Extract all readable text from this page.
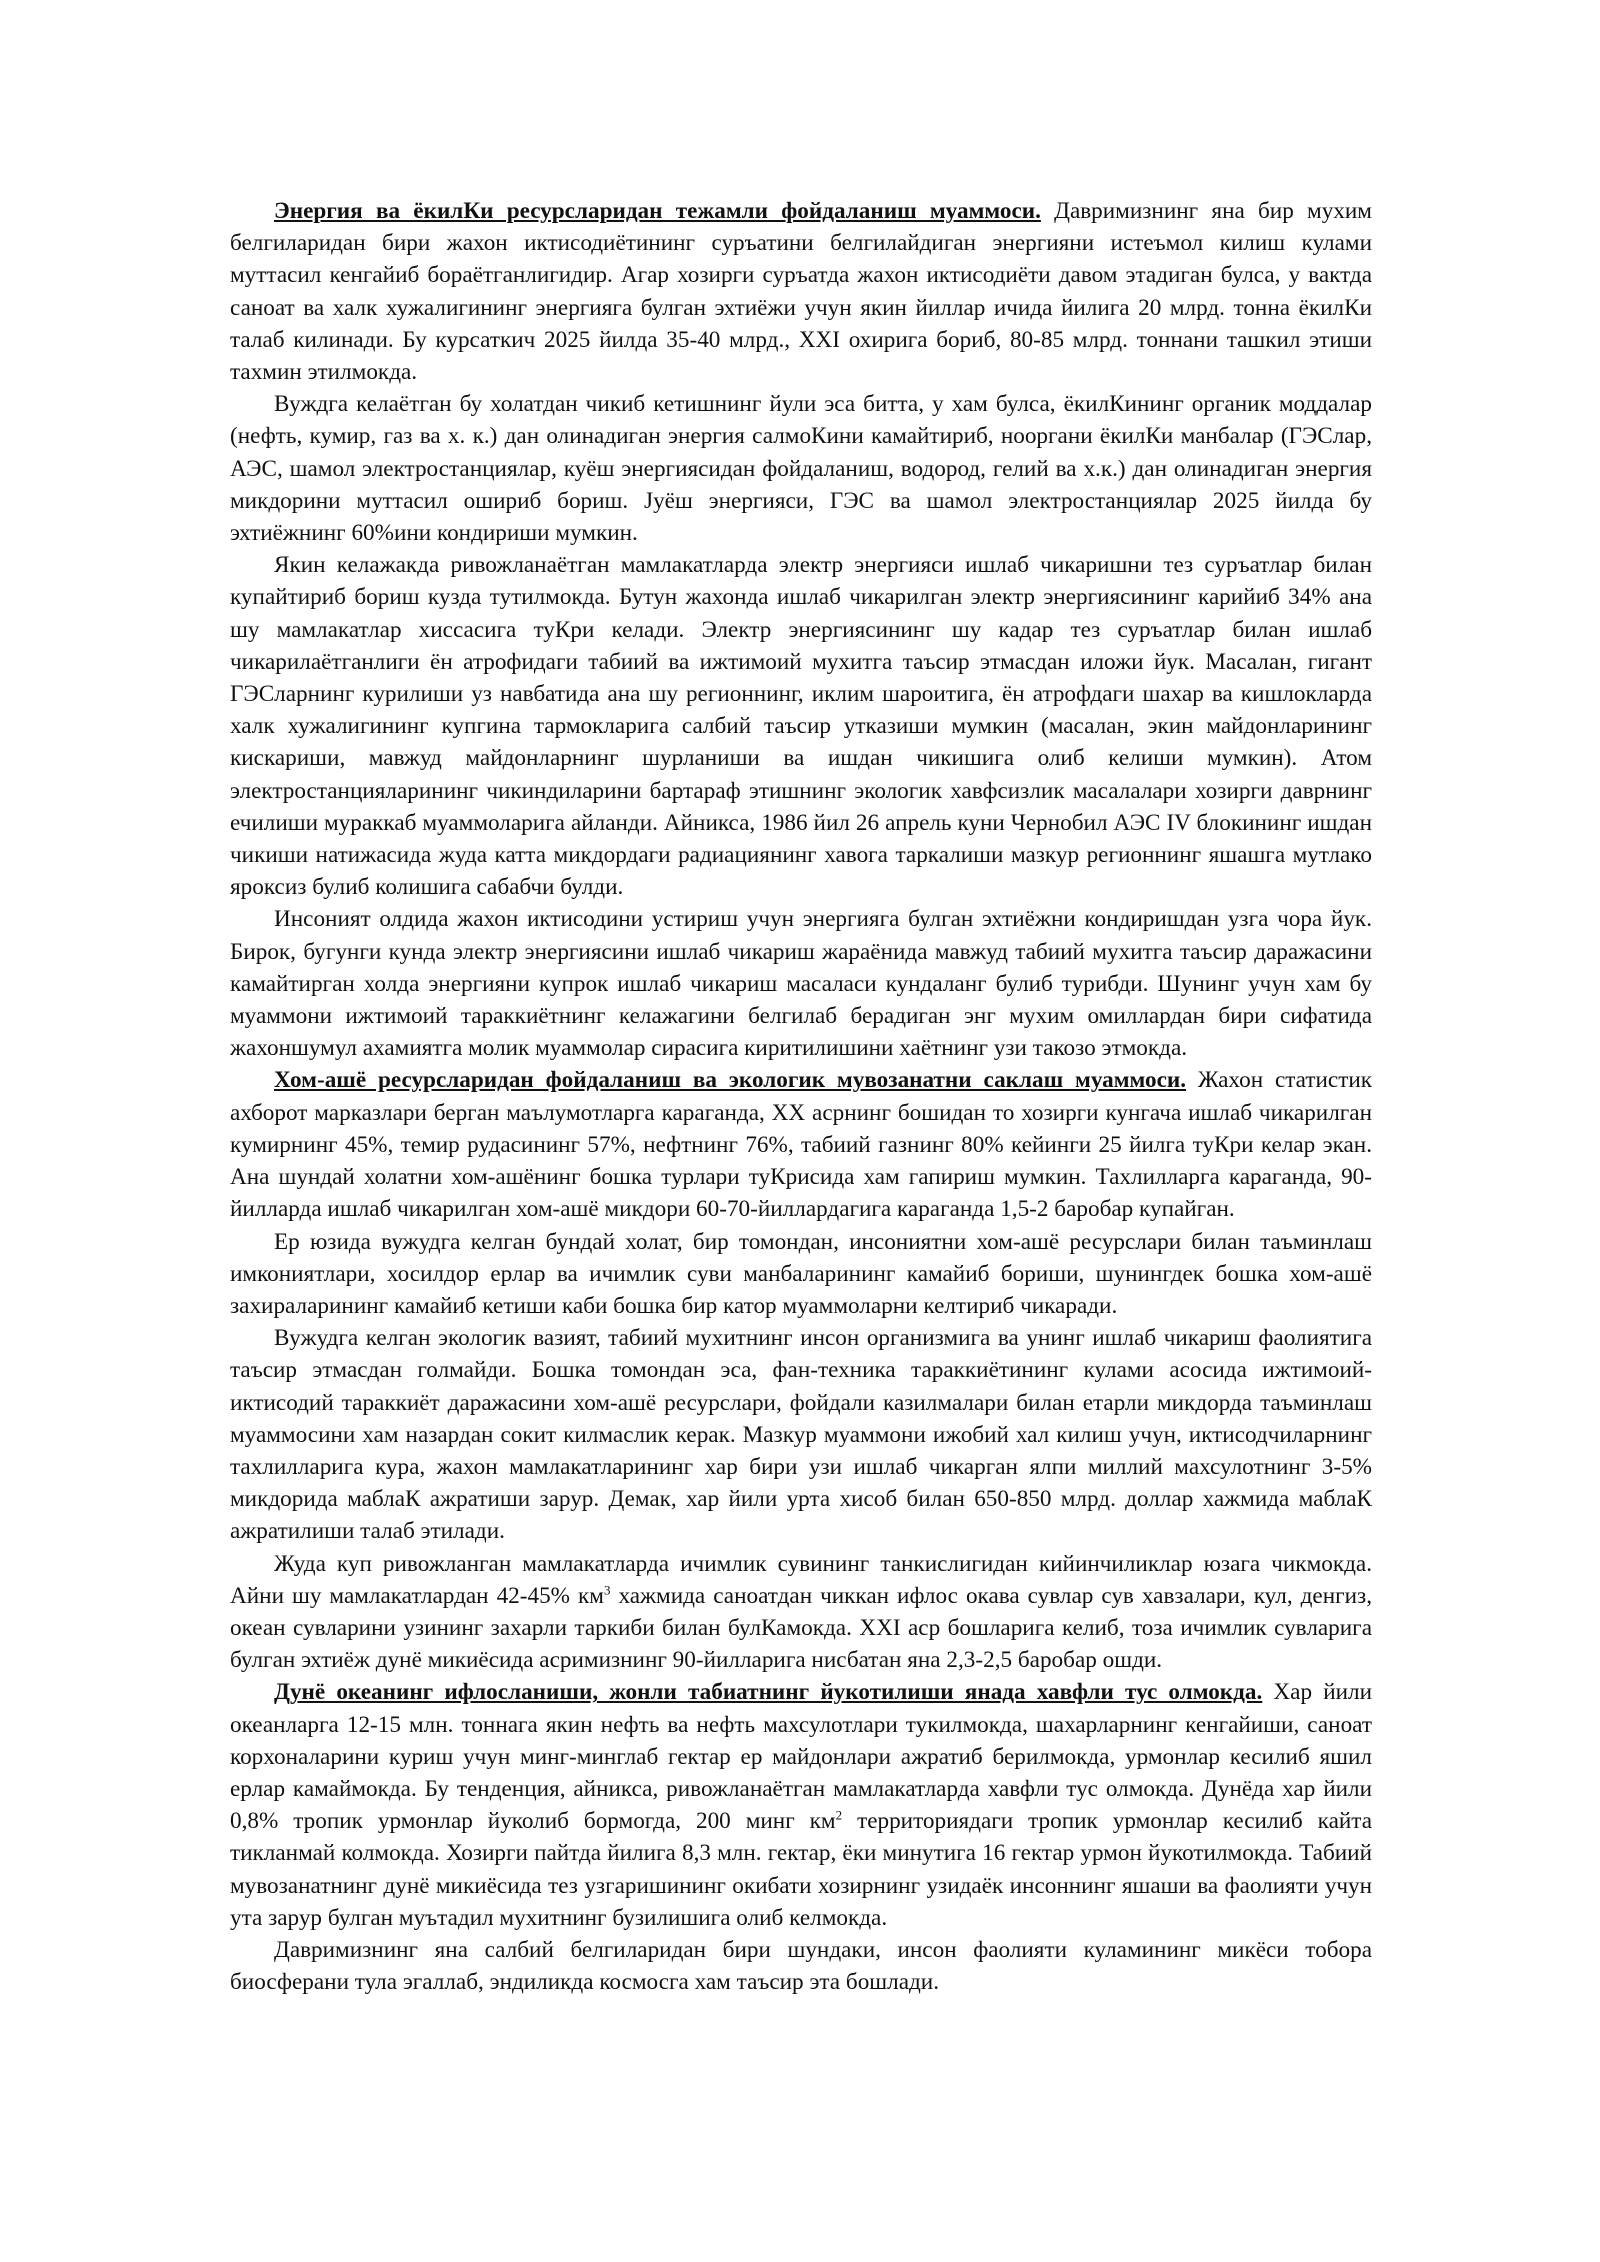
Энергия ва ёкилКи ресурсларидан тежамли фойдаланиш муаммоси. Давримизнинг яна бир мухим белгиларидан бири жахон иктисодиётининг суръатини белгилайдиган энергияни истеъмол килиш кулами муттасил кенгайиб бораётганлигидир. Агар хозирги суръатда жахон иктисодиёти давом этадиган булса, у вактда саноат ва халк хужалигининг энергияга булган эхтиёжи учун якин йиллар ичида йилига 20 млрд. тонна ёкилКи талаб килинади. Бу курсаткич 2025 йилда 35-40 млрд., XXI охирига бориб, 80-85 млрд. тоннани ташкил этиши тахмин этилмокда.

Вуждга келаётган бу холатдан чикиб кетишнинг йули эса битта, у хам булса, ёкилКининг органик моддалар (нефть, кумир, газ ва х. к.) дан олинадиган энергия салмоКини камайтириб, нооргани ёкилКи манбалар (ГЭСлар, АЭС, шамол электростанциялар, куёш энергиясидан фойдаланиш, водород, гелий ва х.к.) дан олинадиган энергия микдорини муттасил ошириб бориш. Jуёш энергияси, ГЭС ва шамол электростанциялар 2025 йилда бу эхтиёжнинг 60%ини кондириши мумкин.

Якин келажакда ривожланаётган мамлакатларда электр энергияси ишлаб чикаришни тез суръатлар билан купайтириб бориш кузда тутилмокда. Бутун жахонда ишлаб чикарилган электр энергиясининг карийиб 34% ана шу мамлакатлар хиссасига туКри келади. Электр энергиясининг шу кадар тез суръатлар билан ишлаб чикарилаётганлиги ён атрофидаги табиий ва ижтимоий мухитга таъсир этмасдан иложи йук. Масалан, гигант ГЭСларнинг курилиши уз навбатида ана шу регионнинг, иклим шароитига, ён атрофдаги шахар ва кишлокларда халк хужалигининг купгина тармокларига салбий таъсир утказиши мумкин (масалан, экин майдонларининг кискариши, мавжуд майдонларнинг шурланиши ва ишдан чикишига олиб келиши мумкин). Атом электростанцияларининг чикиндиларини бартараф этишнинг экологик хавфсизлик масалалари хозирги даврнинг ечилиши мураккаб муаммоларига айланди. Айникса, 1986 йил 26 апрель куни Чернобил АЭС IV блокининг ишдан чикиши натижасида жуда катта микдордаги радиациянинг хавога таркалиши мазкур регионнинг яшашга мутлако яроксиз булиб колишига сабабчи булди.

Инсоният олдида жахон иктисодини устириш учун энергияга булган эхтиёжни кондиришдан узга чора йук. Бирок, бугунги кунда электр энергиясини ишлаб чикариш жараёнида мавжуд табиий мухитга таъсир даражасини камайтирган холда энергияни купрок ишлаб чикариш масаласи кундаланг булиб турибди. Шунинг учун хам бу муаммони ижтимоий тараккиётнинг келажагини белгилаб берадиган энг мухим омиллардан бири сифатида жахоншумул ахамиятга молик муаммолар сирасига киритилишини хаётнинг узи такозо этмокда.

Хом-ашё ресурсларидан фойдаланиш ва экологик мувозанатни саклаш муаммоси. Жахон статистик ахборот марказлари берган маълумотларга караганда, XX асрнинг бошидан то хозирги кунгача ишлаб чикарилган кумирнинг 45%, темир рудасининг 57%, нефтнинг 76%, табиий газнинг 80% кейинги 25 йилга туКри келар экан. Ана шундай холатни хом-ашёнинг бошка турлари туКрисида хам гапириш мумкин. Тахлилларга караганда, 90-йилларда ишлаб чикарилган хом-ашё микдори 60-70-йиллардагига караганда 1,5-2 баробар купайган.

Ер юзида вужудга келган бундай холат, бир томондан, инсониятни хом-ашё ресурслари билан таъминлаш имкониятлари, хосилдор ерлар ва ичимлик суви манбаларининг камайиб бориши, шунингдек бошка хом-ашё захираларининг камайиб кетиши каби бошка бир катор муаммоларни келтириб чикаради.

Вужудга келган экологик вазият, табиий мухитнинг инсон организмига ва унинг ишлаб чикариш фаолиятига таъсир этмасдан голмайди. Бошка томондан эса, фан-техника тараккиётининг кулами асосида ижтимоий-иктисодий тараккиёт даражасини хом-ашё ресурслари, фойдали казилмалари билан етарли микдорда таъминлаш муаммосини хам назардан сокит килмаслик керак. Мазкур муаммони ижобий хал килиш учун, иктисодчиларнинг тахлилларига кура, жахон мамлакатларининг хар бири узи ишлаб чикарган ялпи миллий махсулотнинг 3-5% микдорида маблаК ажратиши зарур. Демак, хар йили урта хисоб билан 650-850 млрд. доллар хажмида маблаК ажратилиши талаб этилади.

Жуда куп ривожланган мамлакатларда ичимлик сувининг танкислигидан кийинчиликлар юзага чикмокда. Айни шу мамлакатлардан 42-45% $км^3$ хажмида саноатдан чиккан ифлос окава сувлар сув хавзалари, кул, денгиз, океан сувларини узининг захарли таркиби билан булКамокда. XXI аср бошларига келиб, тоза ичимлик сувларига булган эхтиёж дунё микиёсида асримизнинг 90-йилларига нисбатан яна 2,3-2,5 баробар ошди.

Дунё океанинг ифлосланиши, жонли табиатнинг йукотилиши янада хавфли тус олмокда. Хар йили океанларга 12-15 млн. тоннага якин нефть ва нефть махсулотлари тукилмокда, шахарларнинг кенгайиши, саноат корхоналарини куриш учун минг-минглаб гектар ер майдонлари ажратиб берилмокда, урмонлар кесилиб яшил ерлар камаймокда. Бу тенденция, айникса, ривожланаётган мамлакатларда хавфли тус олмокда. Дунёда хар йили 0,8% тропик урмонлар йуколиб бормогда, 200 минг $км^2$ территориядаги тропик урмонлар кесилиб кайта тикланмай колмокда. Хозирги пайтда йилига 8,3 млн. гектар, ёки минутига 16 гектар урмон йукотилмокда. Табиий мувозанатнинг дунё микиёсида тез узгаришининг окибати хозирнинг узидаёк инсоннинг яшаши ва фаолияти учун ута зарур булган муътадил мухитнинг бузилишига олиб келмокда.

Давримизнинг яна салбий белгиларидан бири шундаки, инсон фаолияти куламининг микёси тобора биосферани тула эгаллаб, эндиликда космосга хам таъсир эта бошлади.
